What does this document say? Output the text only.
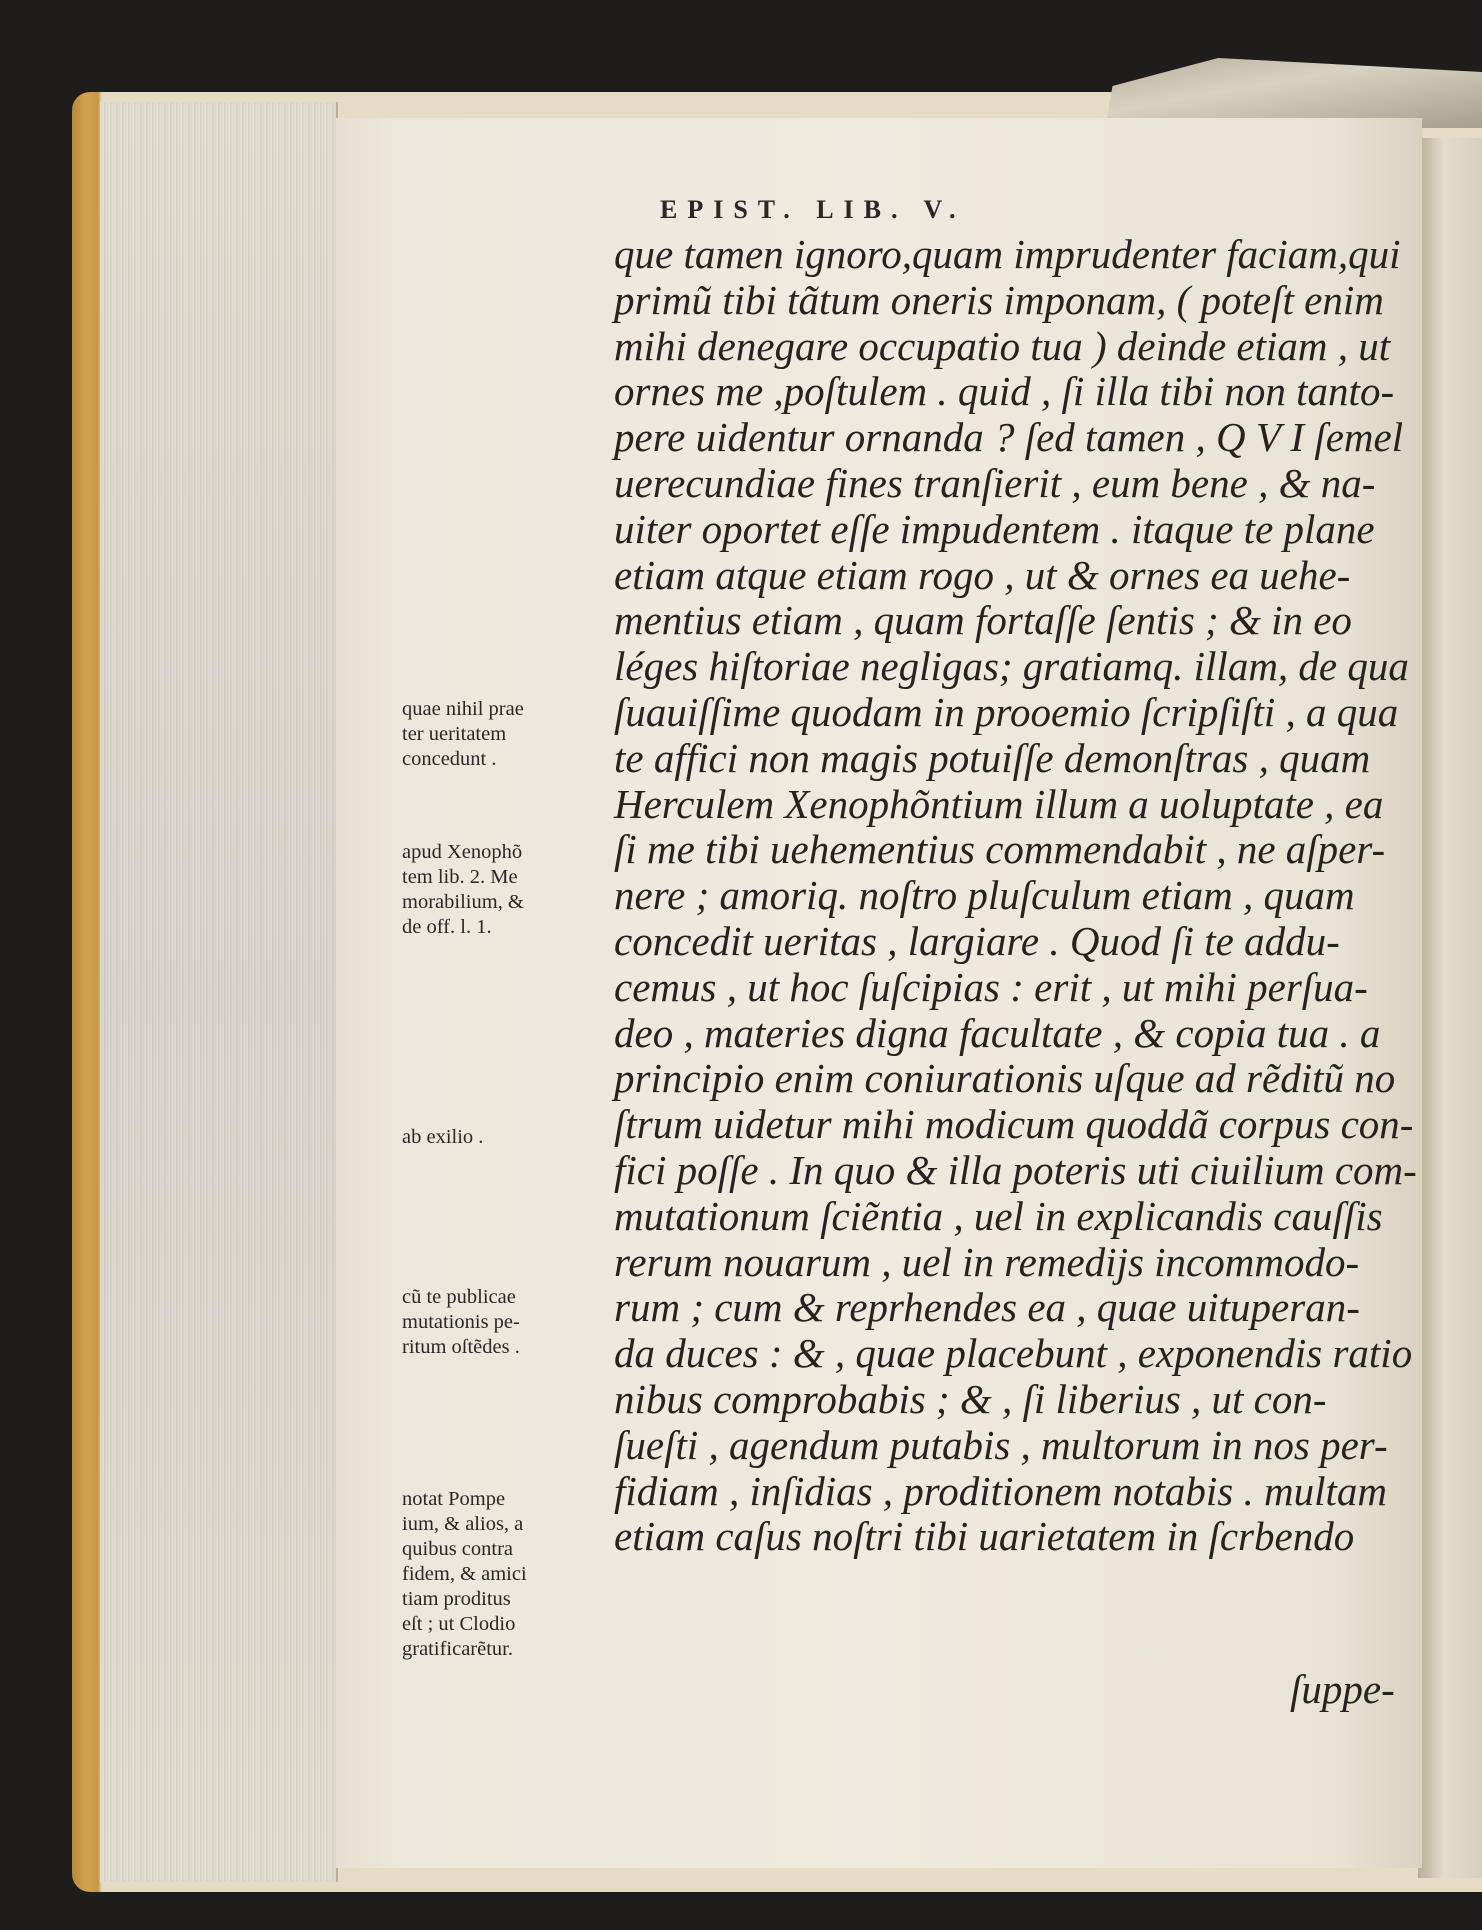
EPIST. LIB. V.
que tamen ignoro,quam imprudenter faciam,qui
primũ tibi tãtum oneris imponam, ( poteſt enim
mihi denegare occupatio tua ) deinde etiam , ut
ornes me ,poſtulem . quid , ſi illa tibi non tanto-
pere uidentur ornanda ? ſed tamen , Q V I ſemel
uerecundiae fines tranſierit , eum bene , & na-
uiter oportet eſſe impudentem . itaque te plane
etiam atque etiam rogo , ut & ornes ea uehe-
mentius etiam , quam fortaſſe ſentis ; & in eo
léges hiſtoriae negligas; gratiamq. illam, de qua
ſuauiſſime quodam in prooemio ſcripſiſti , a qua
te affici non magis potuiſſe demonſtras , quam
Herculem Xenophõntium illum a uoluptate , ea
ſi me tibi uehementius commendabit , ne aſper-
nere ; amoriq. noſtro pluſculum etiam , quam
concedit ueritas , largiare . Quod ſi te addu-
cemus , ut hoc ſuſcipias : erit , ut mihi perſua-
deo , materies digna facultate , & copia tua . a
principio enim coniurationis uſque ad rẽditũ no
ſtrum uidetur mihi modicum quoddã corpus con-
fici poſſe . In quo & illa poteris uti ciuilium com-
mutationum ſciẽntia , uel in explicandis cauſſis
rerum nouarum , uel in remedijs incommodo-
rum ; cum & reprhendes ea , quae uituperan-
da duces : & , quae placebunt , exponendis ratio
nibus comprobabis ; & , ſi liberius , ut con-
ſueſti , agendum putabis , multorum in nos per-
fidiam , inſidias , proditionem notabis . multam
etiam caſus noſtri tibi uarietatem in ſcrbendo
quae nihil prae
ter ueritatem
concedunt .
apud Xenophõ
tem lib. 2. Me
morabilium, &
de off. l. 1.
ab exilio .
cũ te publicae
mutationis pe-
ritum oſtẽdes .
notat Pompe
ium, & alios, a
quibus contra
fidem, & amici
tiam proditus
eſt ; ut Clodio
gratificarẽtur.
ſuppe-
